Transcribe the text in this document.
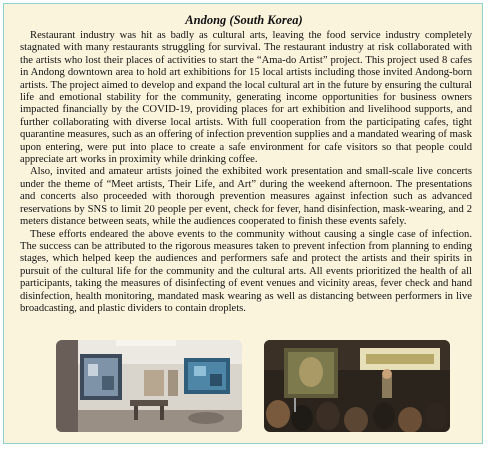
Andong (South Korea)

Restaurant industry was hit as badly as cultural arts, leaving the food service industry completely stagnated with many restaurants struggling for survival. The restaurant industry at risk collaborated with the artists who lost their places of activities to start the “Ama-do Artist” project. This project used 8 cafes in Andong downtown area to hold art exhibitions for 15 local artists including those invited Andong-born artists. The project aimed to develop and expand the local cultural art in the future by ensuring the cultural life and emotional stability for the community, generating income opportunities for business owners impacted financially by the COVID-19, providing places for art exhibition and livelihood supports, and further collaborating with diverse local artists. With full cooperation from the participating cafes, tight quarantine measures, such as an offering of infection prevention supplies and a mandated wearing of mask upon entering, were put into place to create a safe environment for cafe visitors so that people could appreciate art works in proximity while drinking coffee.

Also, invited and amateur artists joined the exhibited work presentation and small-scale live concerts under the theme of “Meet artists, Their Life, and Art” during the weekend afternoon. The presentations and concerts also proceeded with thorough prevention measures against infection such as advanced reservations by SNS to limit 20 people per event, check for fever, hand disinfection, mask-wearing, and 2 meters distance between seats, while the audiences cooperated to finish these events safely.

These efforts endeared the above events to the community without causing a single case of infection. The success can be attributed to the rigorous measures taken to prevent infection from planning to ending stages, which helped keep the audiences and performers safe and protect the artists and their spirits in pursuit of the cultural life for the community and the cultural arts. All events prioritized the health of all participants, taking the measures of disinfecting of event venues and vicinity areas, fever check and hand disinfection, health monitoring, mandated mask wearing as well as distancing between performers in live broadcasting, and plastic dividers to contain droplets.
